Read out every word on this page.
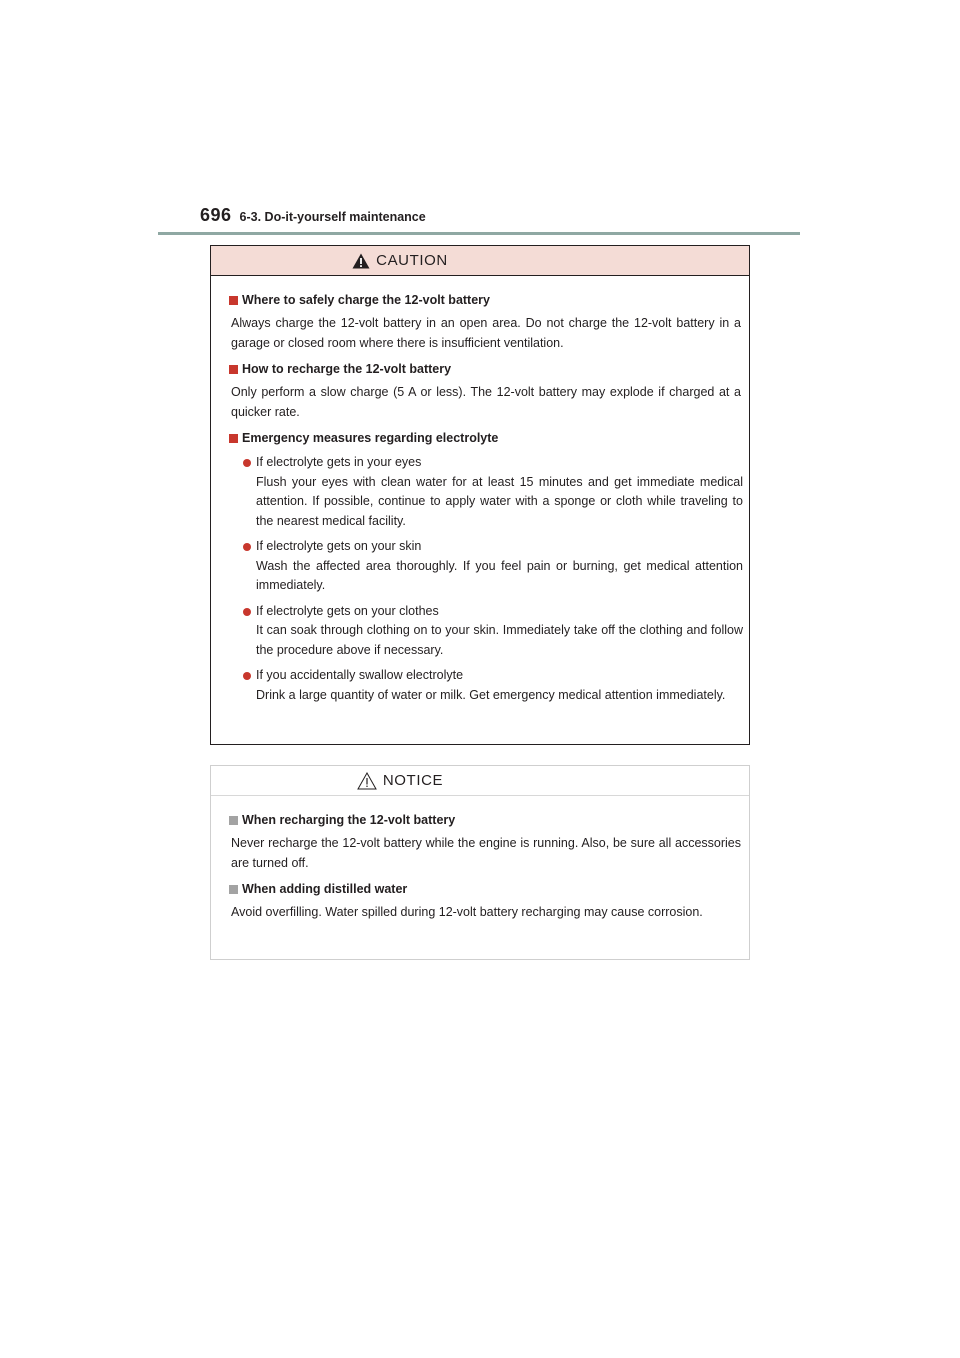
696 6-3. Do-it-yourself maintenance
CAUTION
Where to safely charge the 12-volt battery
Always charge the 12-volt battery in an open area. Do not charge the 12-volt battery in a garage or closed room where there is insufficient ventilation.
How to recharge the 12-volt battery
Only perform a slow charge (5 A or less). The 12-volt battery may explode if charged at a quicker rate.
Emergency measures regarding electrolyte
If electrolyte gets in your eyes
Flush your eyes with clean water for at least 15 minutes and get immediate medical attention. If possible, continue to apply water with a sponge or cloth while traveling to the nearest medical facility.
If electrolyte gets on your skin
Wash the affected area thoroughly. If you feel pain or burning, get medical attention immediately.
If electrolyte gets on your clothes
It can soak through clothing on to your skin. Immediately take off the clothing and follow the procedure above if necessary.
If you accidentally swallow electrolyte
Drink a large quantity of water or milk. Get emergency medical attention immediately.
NOTICE
When recharging the 12-volt battery
Never recharge the 12-volt battery while the engine is running. Also, be sure all accessories are turned off.
When adding distilled water
Avoid overfilling. Water spilled during 12-volt battery recharging may cause corrosion.
